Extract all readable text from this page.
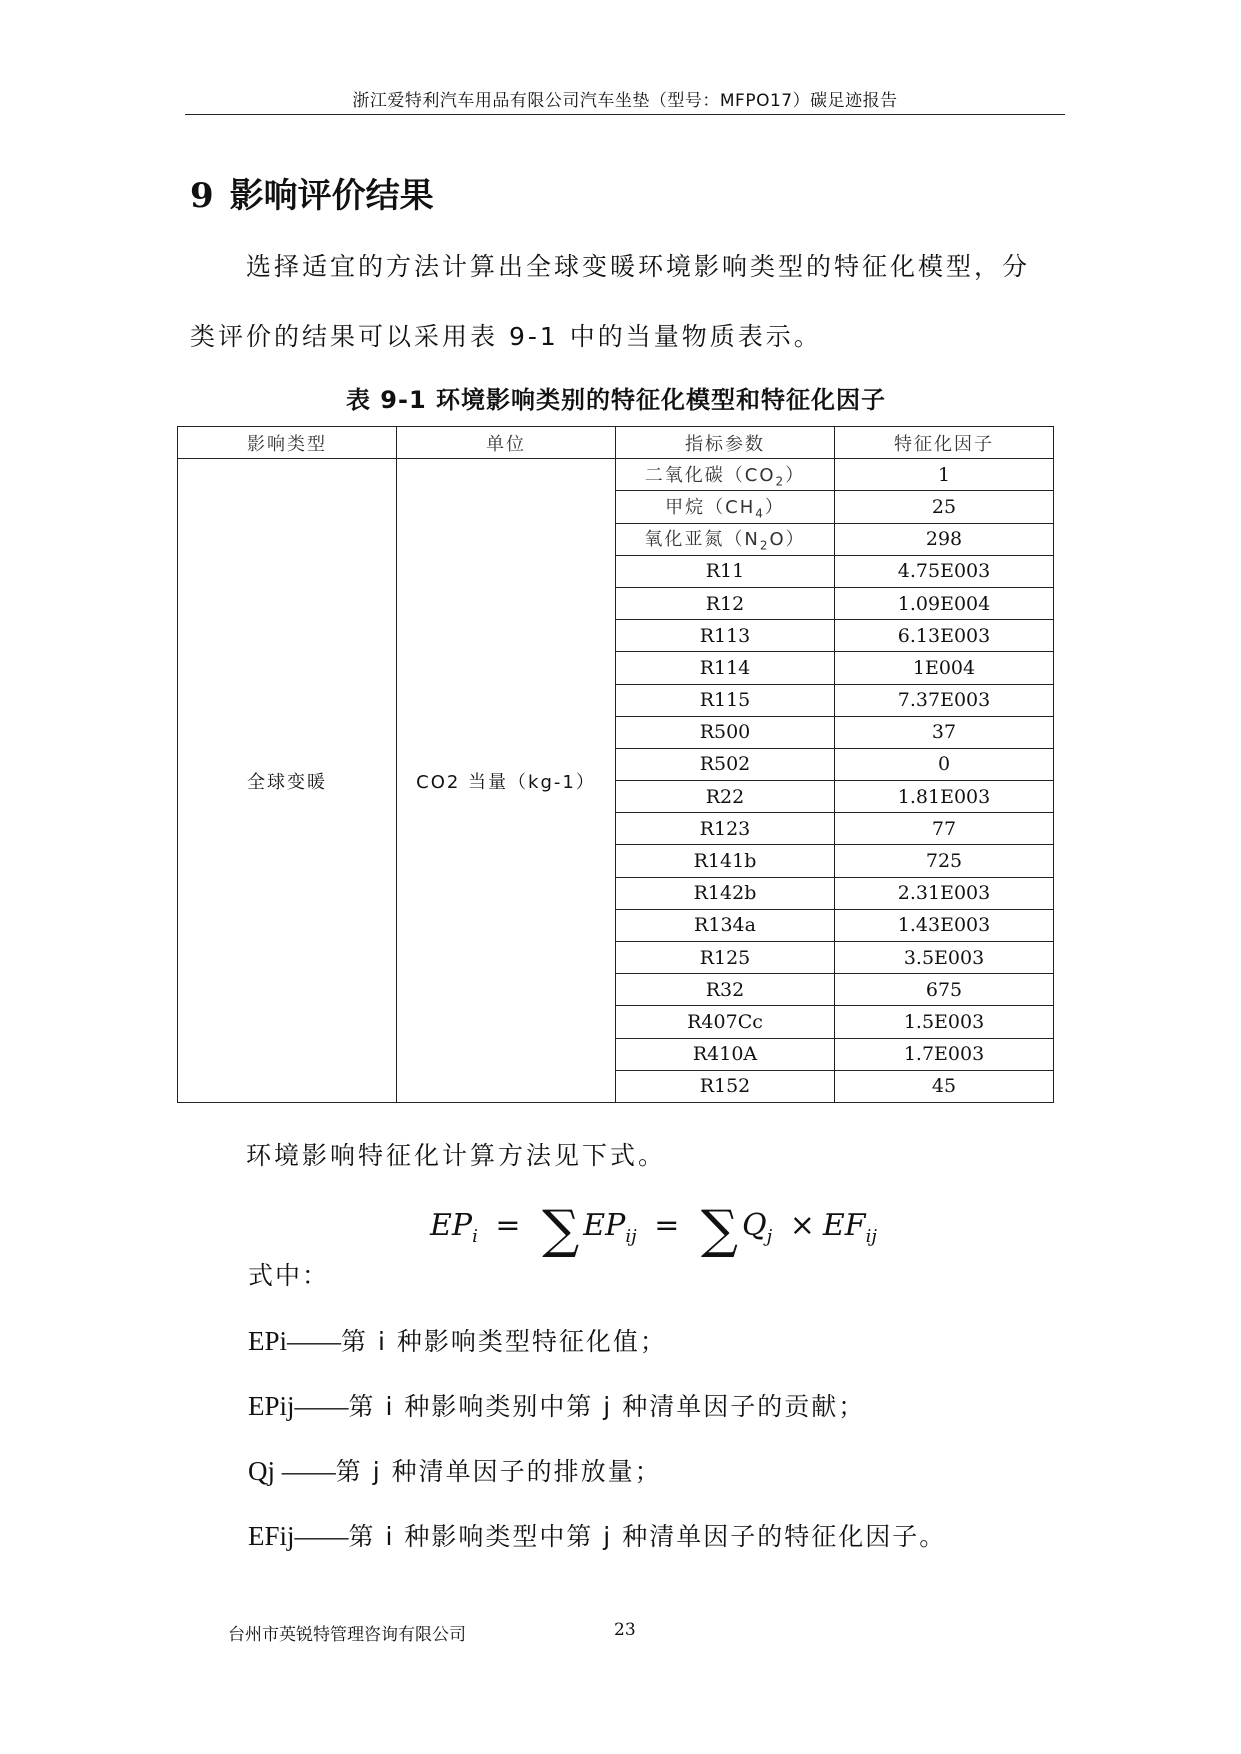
浙江爱特利汽车用品有限公司汽车坐垫（型号：MFPO17）碳足迹报告
9 影响评价结果
选择适宜的方法计算出全球变暖环境影响类型的特征化模型，分
类评价的结果可以采用表 9-1 中的当量物质表示。
表 9-1 环境影响类别的特征化模型和特征化因子
影响类型	单位	指标参数	特征化因子
全球变暖	CO2 当量（kg-1）	二氧化碳$(CO_2)$	1
		甲烷$(CH_4)$	25
		氧化亚氮$(N_2O)$	298
		R11	4.75E003
		R12	1.09E004
		R113	6.13E003
		R114	1E004
		R115	7.37E003
		R500	37
		R502	0
		R22	1.81E003
		R123	77
		R141b	725
		R142b	2.31E003
		R134a	1.43E003
		R125	3.5E003
		R32	675
		R407Cc	1.5E003
		R410A	1.7E003
		R152	45
环境影响特征化计算方法见下式。
$EP_i$ = ∑ $EP_{ij}$ = ∑ $Q_j \times EF_{ij}$
式中：
EPi——第 i 种影响类型特征化值；
EPij——第 i 种影响类别中第 j 种清单因子的贡献；
Qj ——第 j 种清单因子的排放量；
EFij——第 i 种影响类型中第 j 种清单因子的特征化因子。
台州市英锐特管理咨询有限公司	23
